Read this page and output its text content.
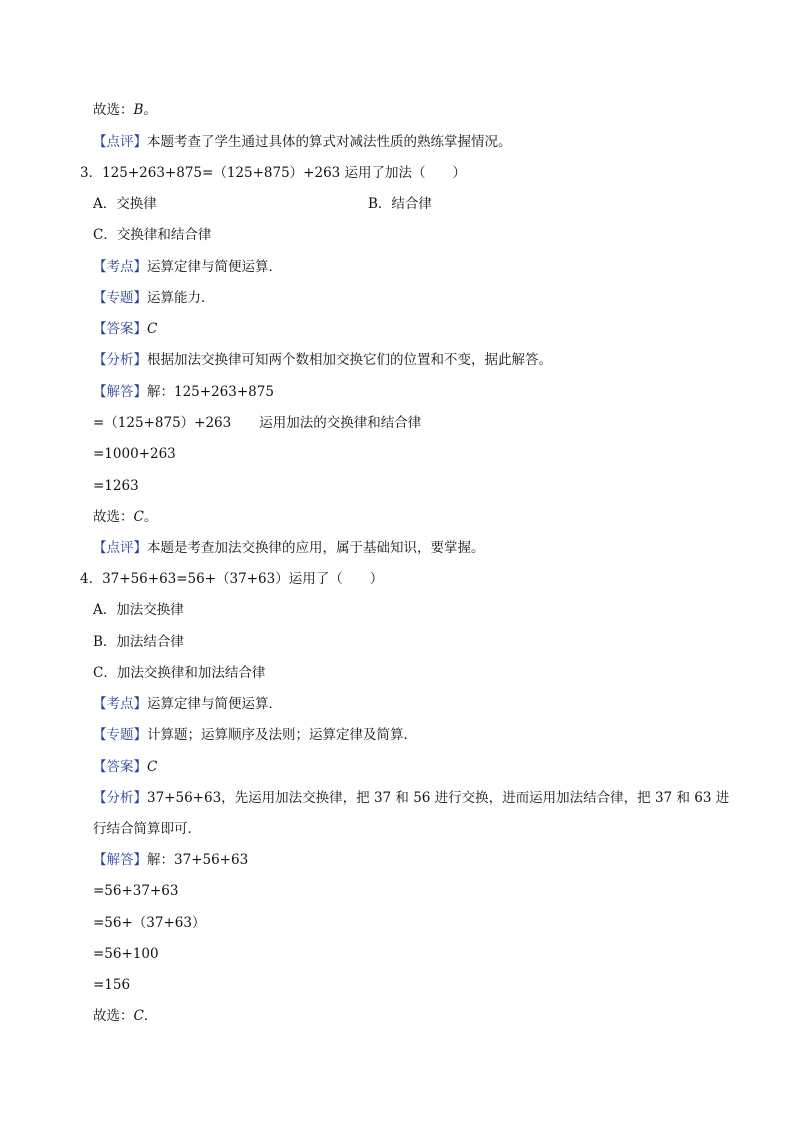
故选：B。
【点评】本题考查了学生通过具体的算式对减法性质的熟练掌握情况。
3．125+263+875=（125+875）+263 运用了加法（　　）
A．交换律	B．结合律
C．交换律和结合律
【考点】运算定律与简便运算．
【专题】运算能力．
【答案】C
【分析】根据加法交换律可知两个数相加交换它们的位置和不变，据此解答。
【解答】解：125+263+875
=（125+875）+263 运用加法的交换律和结合律
=1000+263
=1263
故选：C。
【点评】本题是考查加法交换律的应用，属于基础知识，要掌握。
4．37+56+63=56+（37+63）运用了（　　）
A．加法交换律
B．加法结合律
C．加法交换律和加法结合律
【考点】运算定律与简便运算．
【专题】计算题；运算顺序及法则；运算定律及简算．
【答案】C
【分析】37+56+63，先运用加法交换律，把 37 和 56 进行交换，进而运用加法结合律，把 37 和 63 进
行结合简算即可．
【解答】解：37+56+63
=56+37+63
=56+（37+63）
=56+100
=156
故选：C．
